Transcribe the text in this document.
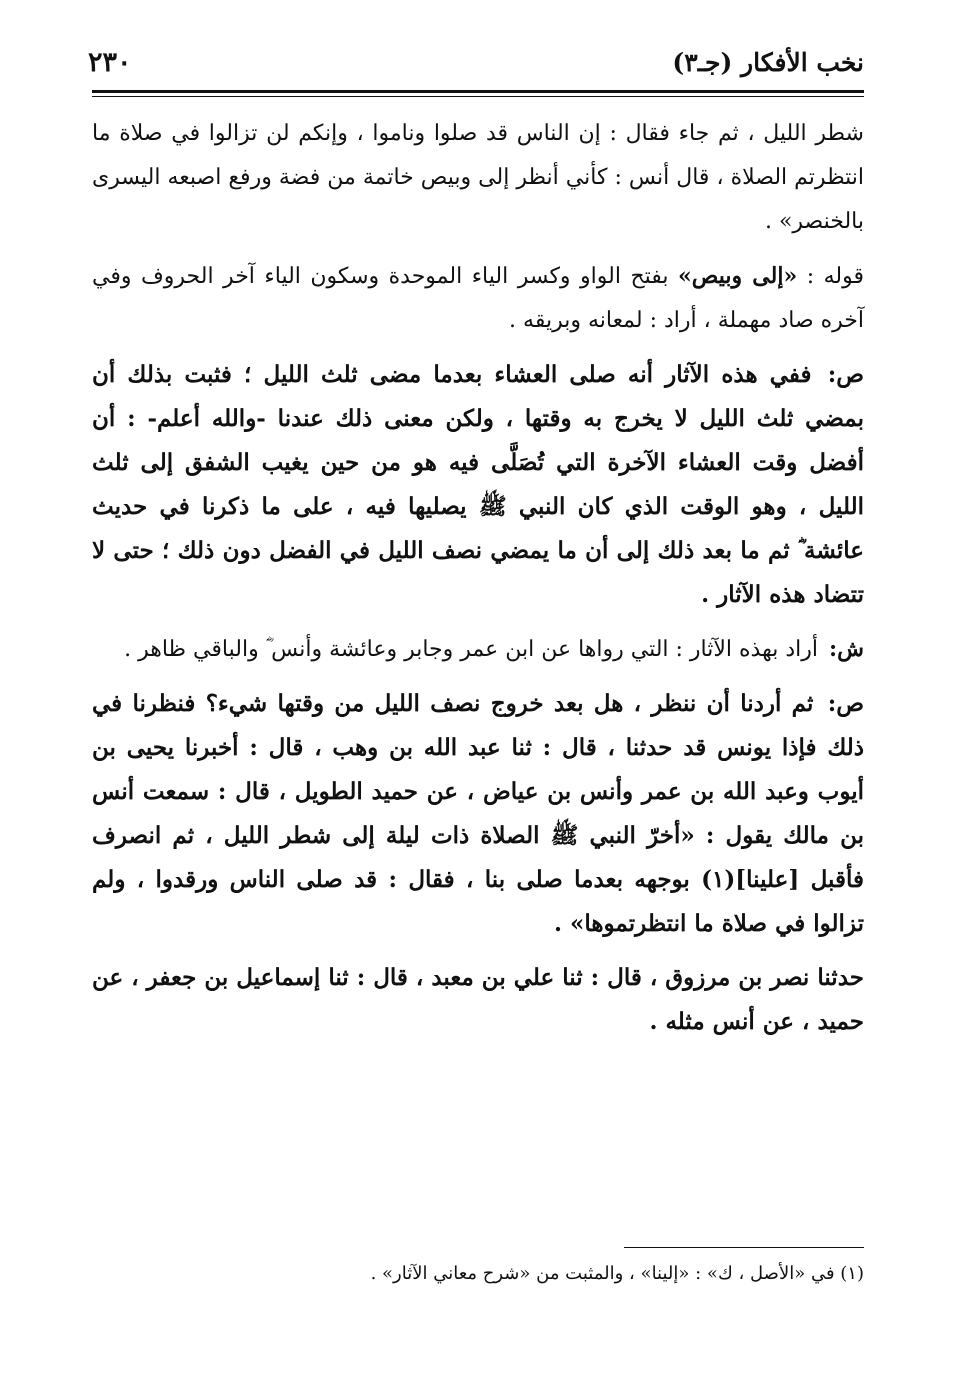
نخب الأفكار (جـ٣)
٢٣٠

شطر الليل ، ثم جاء فقال : إن الناس قد صلوا وناموا ، وإنكم لن تزالوا في صلاة ما انتظرتم الصلاة ، قال أنس : كأني أنظر إلى وبيص خاتمة من فضة ورفع اصبعه اليسرى بالخنصر» .

قوله : «إلى وبيص» بفتح الواو وكسر الياء الموحدة وسكون الياء آخر الحروف وفي آخره صاد مهملة ، أراد : لمعانه وبريقه .

ص: ففي هذه الآثار أنه صلى العشاء بعدما مضى ثلث الليل ؛ فثبت بذلك أن بمضي ثلث الليل لا يخرج به وقتها ، ولكن معنى ذلك عندنا -والله أعلم- : أن أفضل وقت العشاء الآخرة التي تُصَلَّى فيه هو من حين يغيب الشفق إلى ثلث الليل ، وهو الوقت الذي كان النبي ﷺ يصليها فيه ، على ما ذكرنا في حديث عائشة ؓ ثم ما بعد ذلك إلى أن ما يمضي نصف الليل في الفضل دون ذلك ؛ حتى لا تتضاد هذه الآثار .

ش: أراد بهذه الآثار : التي رواها عن ابن عمر وجابر وعائشة وأنس ؓ والباقي ظاهر .

ص: ثم أردنا أن ننظر ، هل بعد خروج نصف الليل من وقتها شيء؟ فنظرنا في ذلك فإذا يونس قد حدثنا ، قال : ثنا عبد الله بن وهب ، قال : أخبرنا يحيى بن أيوب وعبد الله بن عمر وأنس بن عياض ، عن حميد الطويل ، قال : سمعت أنس بن مالك يقول : «أخرّ النبي ﷺ الصلاة ذات ليلة إلى شطر الليل ، ثم انصرف فأقبل [علينا](١) بوجهه بعدما صلى بنا ، فقال : قد صلى الناس ورقدوا ، ولم تزالوا في صلاة ما انتظرتموها» .

حدثنا نصر بن مرزوق ، قال : ثنا علي بن معبد ، قال : ثنا إسماعيل بن جعفر ، عن حميد ، عن أنس مثله .

(١) في «الأصل ، ك» : «إلينا» ، والمثبت من «شرح معاني الآثار» .
